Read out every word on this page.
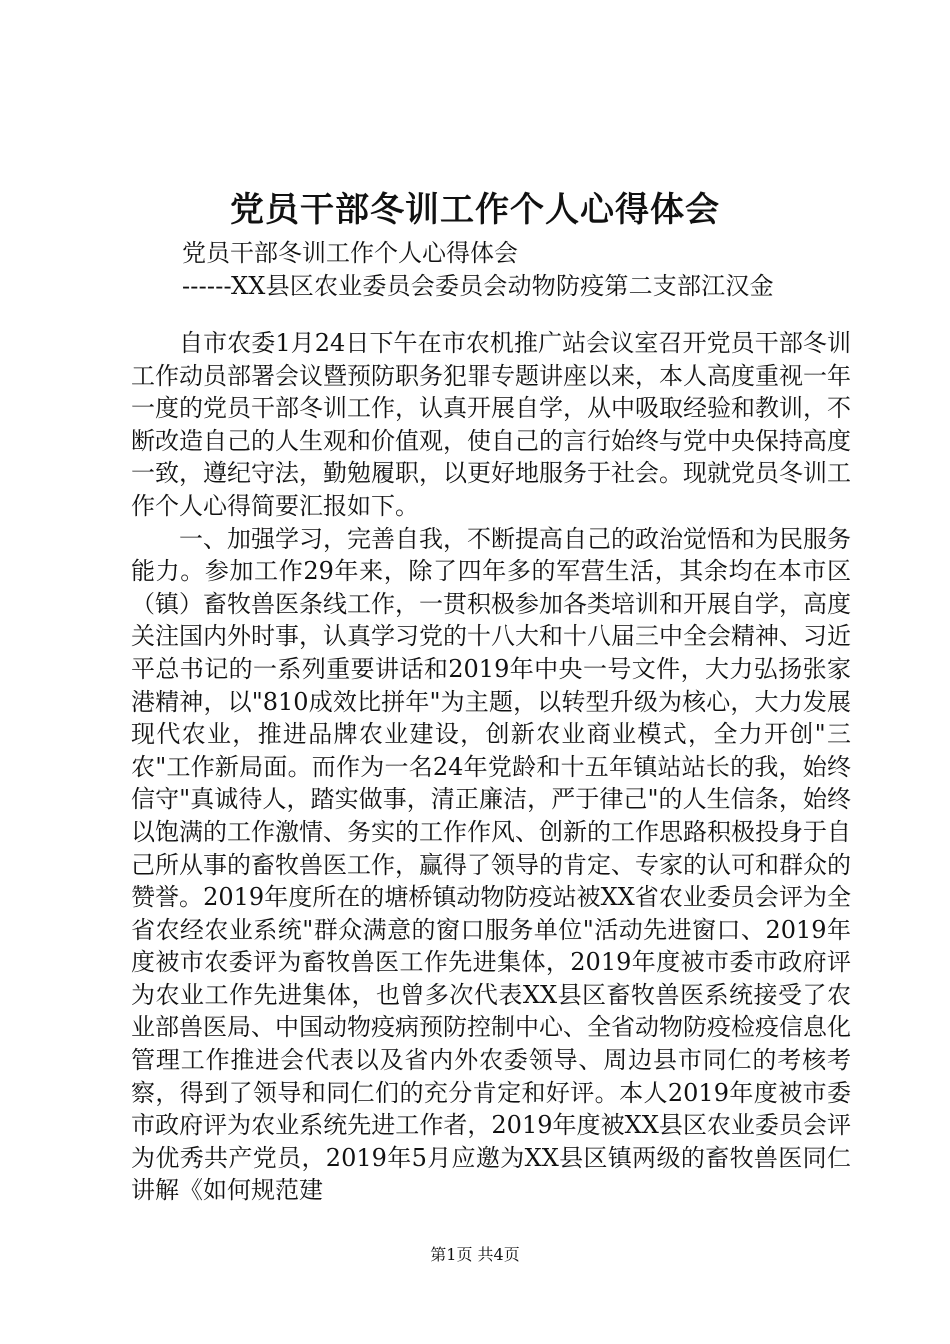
党员干部冬训工作个人心得体会
党员干部冬训工作个人心得体会
------XX县区农业委员会委员会动物防疫第二支部江汉金

自市农委1月24日下午在市农机推广站会议室召开党员干部冬训工作动员部署会议暨预防职务犯罪专题讲座以来，本人高度重视一年一度的党员干部冬训工作，认真开展自学，从中吸取经验和教训，不断改造自己的人生观和价值观，使自己的言行始终与党中央保持高度一致，遵纪守法，勤勉履职，以更好地服务于社会。现就党员冬训工作个人心得简要汇报如下。

一、加强学习，完善自我，不断提高自己的政治觉悟和为民服务能力。参加工作29年来，除了四年多的军营生活，其余均在本市区（镇）畜牧兽医条线工作，一贯积极参加各类培训和开展自学，高度关注国内外时事，认真学习党的十八大和十八届三中全会精神、习近平总书记的一系列重要讲话和2019年中央一号文件，大力弘扬张家港精神，以"810成效比拼年"为主题，以转型升级为核心，大力发展现代农业，推进品牌农业建设，创新农业商业模式，全力开创"三农"工作新局面。而作为一名24年党龄和十五年镇站站长的我，始终信守"真诚待人，踏实做事，清正廉洁，严于律己"的人生信条，始终以饱满的工作激情、务实的工作作风、创新的工作思路积极投身于自己所从事的畜牧兽医工作，赢得了领导的肯定、专家的认可和群众的赞誉。2019年度所在的塘桥镇动物防疫站被XX省农业委员会评为全省农经农业系统"群众满意的窗口服务单位"活动先进窗口、2019年度被市农委评为畜牧兽医工作先进集体，2019年度被市委市政府评为农业工作先进集体，也曾多次代表XX县区畜牧兽医系统接受了农业部兽医局、中国动物疫病预防控制中心、全省动物防疫检疫信息化管理工作推进会代表以及省内外农委领导、周边县市同仁的考核考察，得到了领导和同仁们的充分肯定和好评。本人2019年度被市委市政府评为农业系统先进工作者，2019年度被XX县区农业委员会评为优秀共产党员，2019年5月应邀为XX县区镇两级的畜牧兽医同仁讲解《如何规范建

第1页 共4页
